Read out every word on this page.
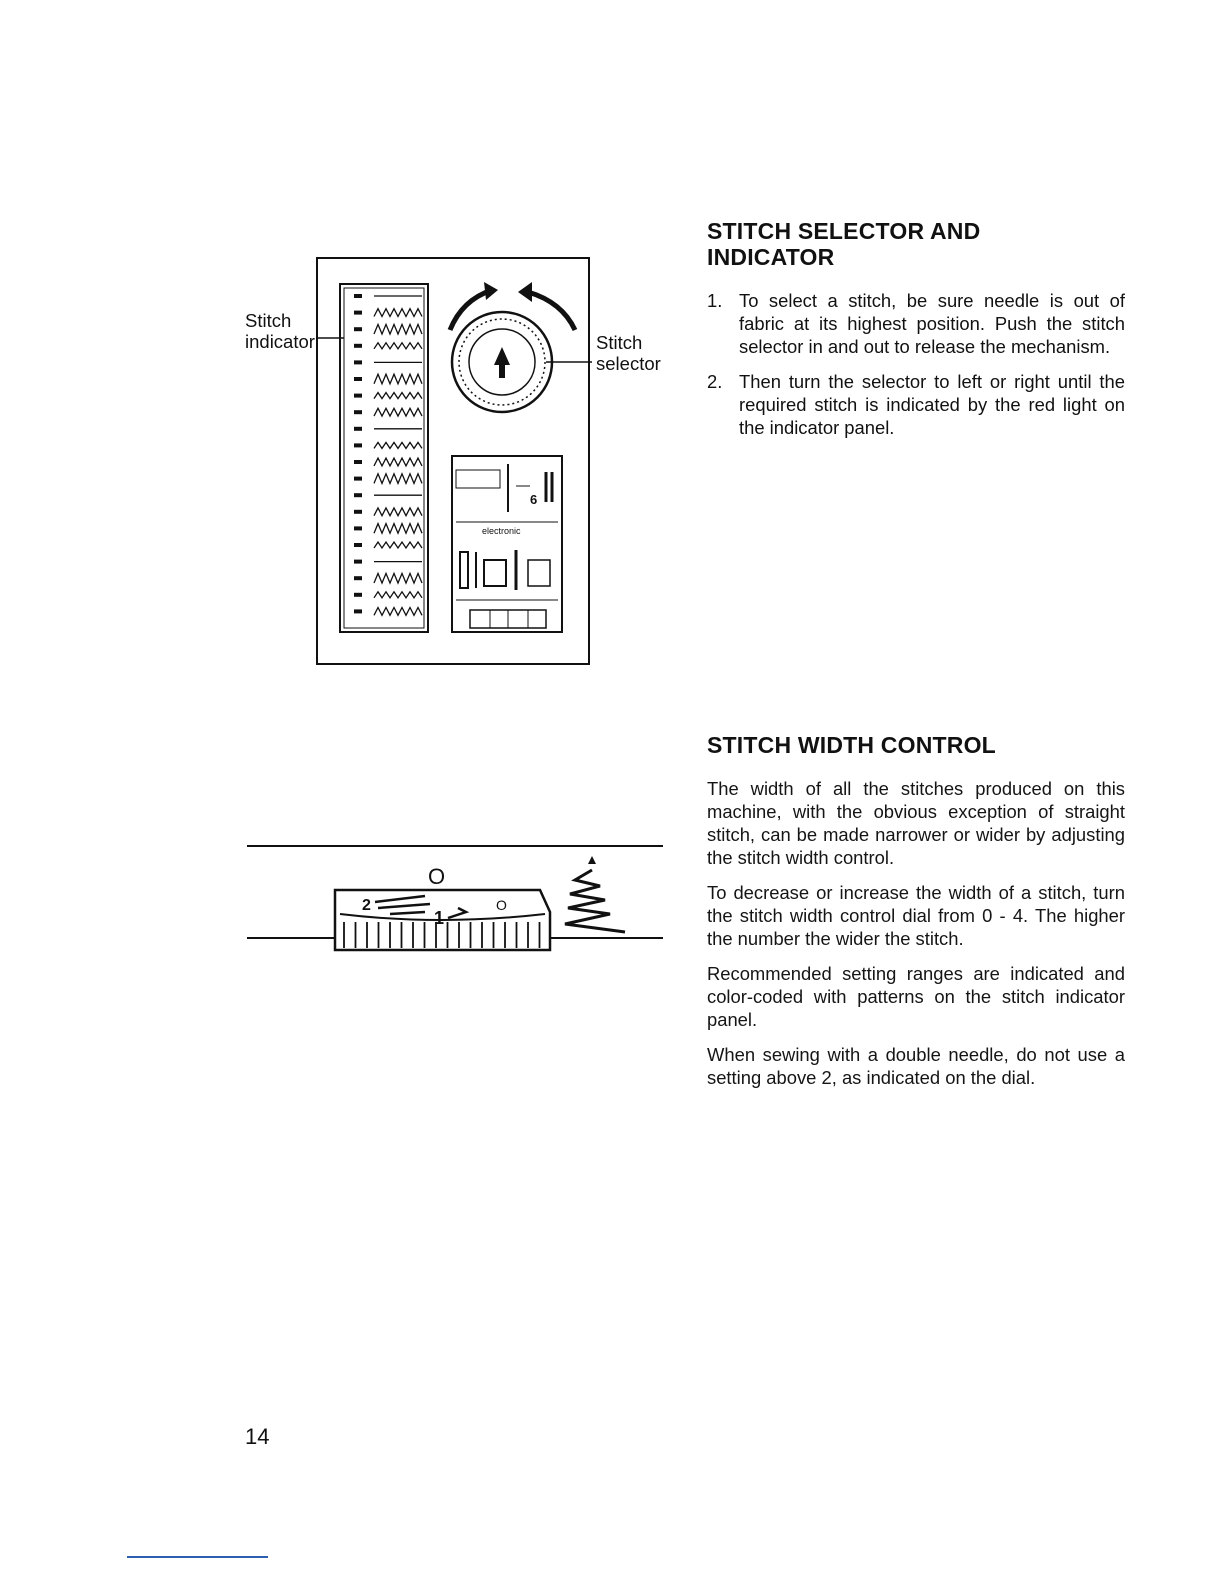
Stitch
indicator	Stitch
selector
6
electronic
O
2
1
O
STITCH SELECTOR AND
INDICATOR
1. To select a stitch, be sure needle is out of fabric at its highest position. Push the stitch selector in and out to release the mechanism.
2. Then turn the selector to left or right until the required stitch is indicated by the red light on the indicator panel.
STITCH WIDTH CONTROL

The width of all the stitches produced on this machine, with the obvious exception of straight stitch, can be made narrower or wider by adjusting the stitch width control.

To decrease or increase the width of a stitch, turn the stitch width control dial from 0 - 4. The higher the number the wider the stitch.

Recommended setting ranges are indicated and color-coded with patterns on the stitch indicator panel.

When sewing with a double needle, do not use a setting above 2, as indicated on the dial.

14
